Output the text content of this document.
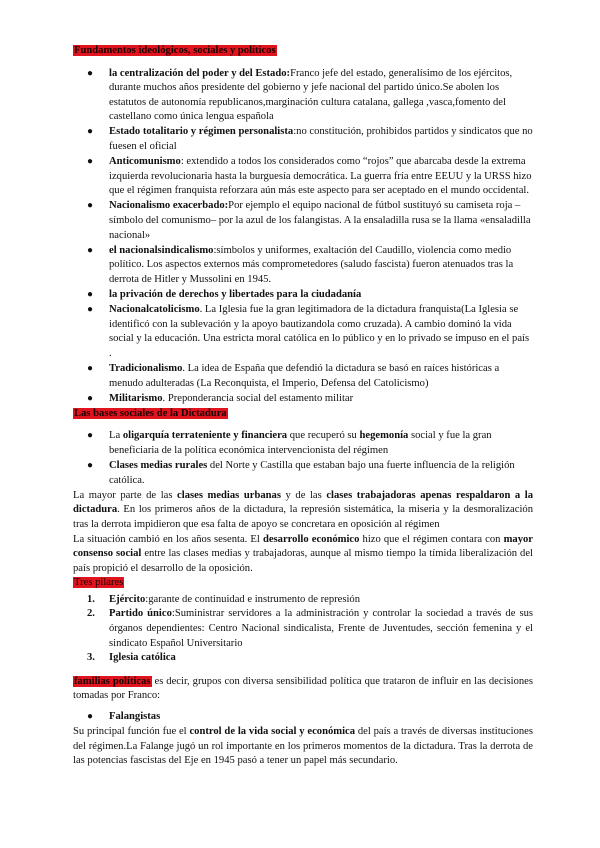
Fundamentos ideológicos, sociales y políticos
● la centralización del poder y del Estado:Franco jefe del estado, generalísimo de los ejércitos, durante muchos años presidente del gobierno y jefe nacional del partido único.Se abolen los estatutos de autonomía republicanos,marginación cultura catalana, gallega ,vasca,fomento del castellano como única lengua española
● Estado totalitario y régimen personalista:no constitución, prohibidos partidos y sindicatos que no fuesen el oficial
● Anticomunismo: extendido a todos los considerados como “rojos” que abarcaba desde la extrema izquierda revolucionaria hasta la burguesía democrática. La guerra fría entre EEUU y la URSS hizo que el régimen franquista reforzara aún más este aspecto para ser aceptado en el mundo occidental.
● Nacionalismo exacerbado:Por ejemplo el equipo nacional de fútbol sustituyó su camiseta roja –símbolo del comunismo– por la azul de los falangistas. A la ensaladilla rusa se la llama «ensaladilla nacional»
● el nacionalsindicalismo:símbolos y uniformes, exaltación del Caudillo, violencia como medio político. Los aspectos externos más comprometedores (saludo fascista) fueron atenuados tras la derrota de Hitler y Mussolini en 1945.
● la privación de derechos y libertades para la ciudadanía
● Nacionalcatolicismo. La Iglesia fue la gran legitimadora de la dictadura franquista(La Iglesia se identificó con la sublevación y la apoyo bautizandola como cruzada). A cambio dominó la vida social y la educación. Una estricta moral católica en lo público y en lo privado se impuso en el país .
● Tradicionalismo. La idea de España que defendió la dictadura se basó en raíces históricas a menudo adulteradas (La Reconquista, el Imperio, Defensa del Catolicismo)
● Militarismo. Preponderancia social del estamento militar
Las bases sociales de la Dictadura
● La oligarquía terrateniente y financiera que recuperó su hegemonía social y fue la gran beneficiaria de la política económica intervencionista del régimen
● Clases medias rurales del Norte y Castilla que estaban bajo una fuerte influencia de la religión católica.

La mayor parte de las clases medias urbanas y de las clases trabajadoras apenas respaldaron a la dictadura. En los primeros años de la dictadura, la represión sistemática, la miseria y la desmoralización tras la derrota impidieron que esa falta de apoyo se concretara en oposición al régimen

La situación cambió en los años sesenta. El desarrollo económico hizo que el régimen contara con mayor consenso social entre las clases medias y trabajadoras, aunque al mismo tiempo la tímida liberalización del país propició el desarrollo de la oposición.

Tres pilares
1. Ejército:garante de continuidad e instrumento de represión
2. Partido único:Suministrar servidores a la administración y controlar la sociedad a través de sus órganos dependientes: Centro Nacional sindicalista, Frente de Juventudes, sección femenina y el sindicato Español Universitario
3. Iglesia católica

familias políticas es decir, grupos con diversa sensibilidad política que trataron de influir en las decisiones tomadas por Franco:

● Falangistas

Su principal función fue el control de la vida social y económica del país a través de diversas instituciones del régimen.La Falange jugó un rol importante en los primeros momentos de la dictadura. Tras la derrota de las potencias fascistas del Eje en 1945 pasó a tener un papel más secundario.
